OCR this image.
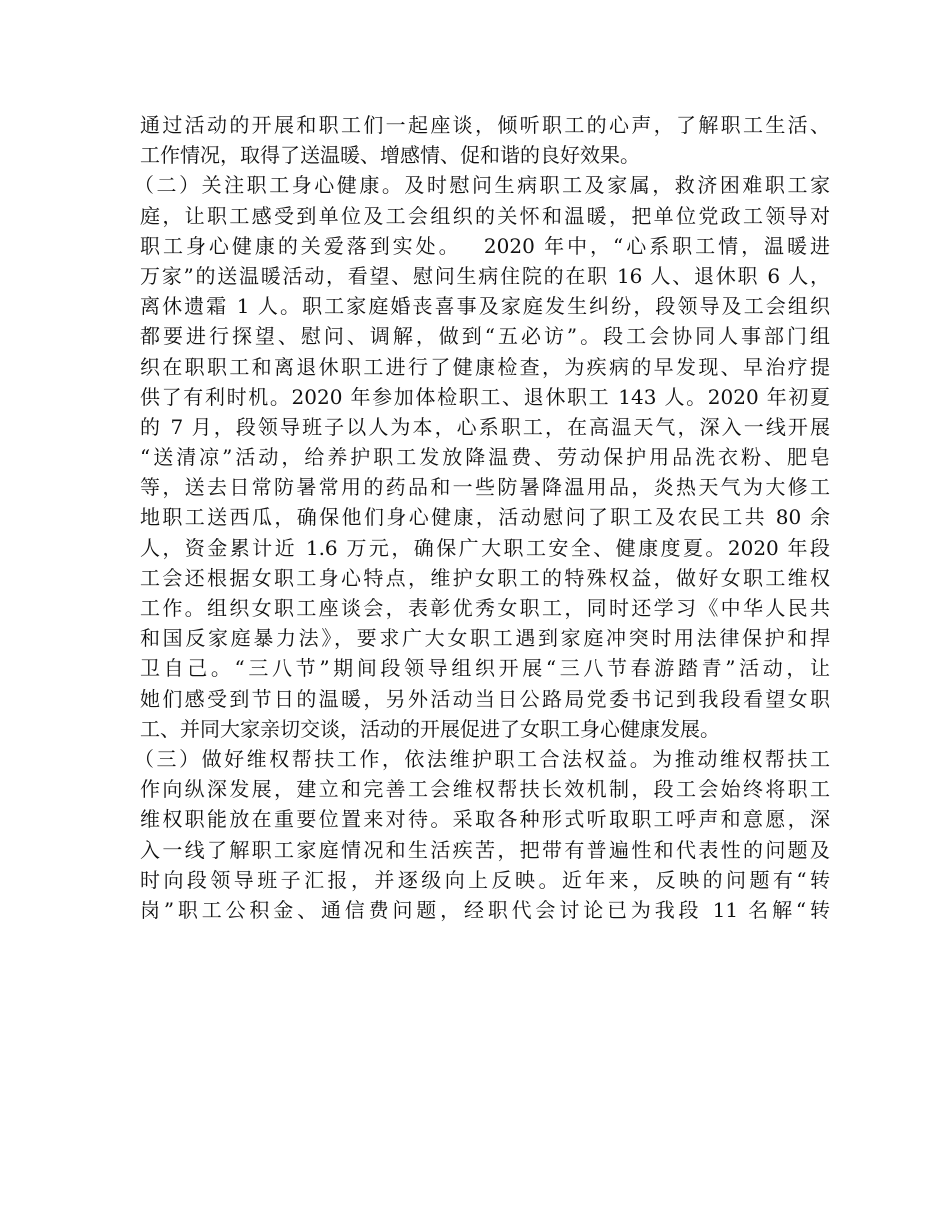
通过活动的开展和职工们一起座谈，倾听职工的心声，了解职工生活、
工作情况，取得了送温暖、增感情、促和谐的良好效果。
（二）关注职工身心健康。及时慰问生病职工及家属，救济困难职工家
庭，让职工感受到单位及工会组织的关怀和温暖，把单位党政工领导对
职工身心健康的关爱落到实处。　 2020 年中，“心系职工情，温暖进
万家”的送温暖活动，看望、慰问生病住院的在职 16 人、退休职 6 人，
离休遗霜 1 人。职工家庭婚丧喜事及家庭发生纠纷，段领导及工会组织
都要进行探望、慰问、调解，做到“五必访”。段工会协同人事部门组
织在职职工和离退休职工进行了健康检查，为疾病的早发现、早治疗提
供了有利时机。2020 年参加体检职工、退休职工 143 人。2020 年初夏
的 7 月，段领导班子以人为本，心系职工，在高温天气，深入一线开展
“送清凉”活动，给养护职工发放降温费、劳动保护用品洗衣粉、肥皂
等，送去日常防暑常用的药品和一些防暑降温用品，炎热天气为大修工
地职工送西瓜，确保他们身心健康，活动慰问了职工及农民工共 80 余
人，资金累计近 1.6 万元，确保广大职工安全、健康度夏。2020 年段
工会还根据女职工身心特点，维护女职工的特殊权益，做好女职工维权
工作。组织女职工座谈会，表彰优秀女职工，同时还学习《中华人民共
和国反家庭暴力法》，要求广大女职工遇到家庭冲突时用法律保护和捍
卫自己。“三八节”期间段领导组织开展“三八节春游踏青”活动，让
她们感受到节日的温暖，另外活动当日公路局党委书记到我段看望女职
工、并同大家亲切交谈，活动的开展促进了女职工身心健康发展。
（三）做好维权帮扶工作，依法维护职工合法权益。为推动维权帮扶工
作向纵深发展，建立和完善工会维权帮扶长效机制，段工会始终将职工
维权职能放在重要位置来对待。采取各种形式听取职工呼声和意愿，深
入一线了解职工家庭情况和生活疾苦，把带有普遍性和代表性的问题及
时向段领导班子汇报，并逐级向上反映。近年来，反映的问题有“转
岗”职工公积金、通信费问题，经职代会讨论已为我段 11 名解“转
